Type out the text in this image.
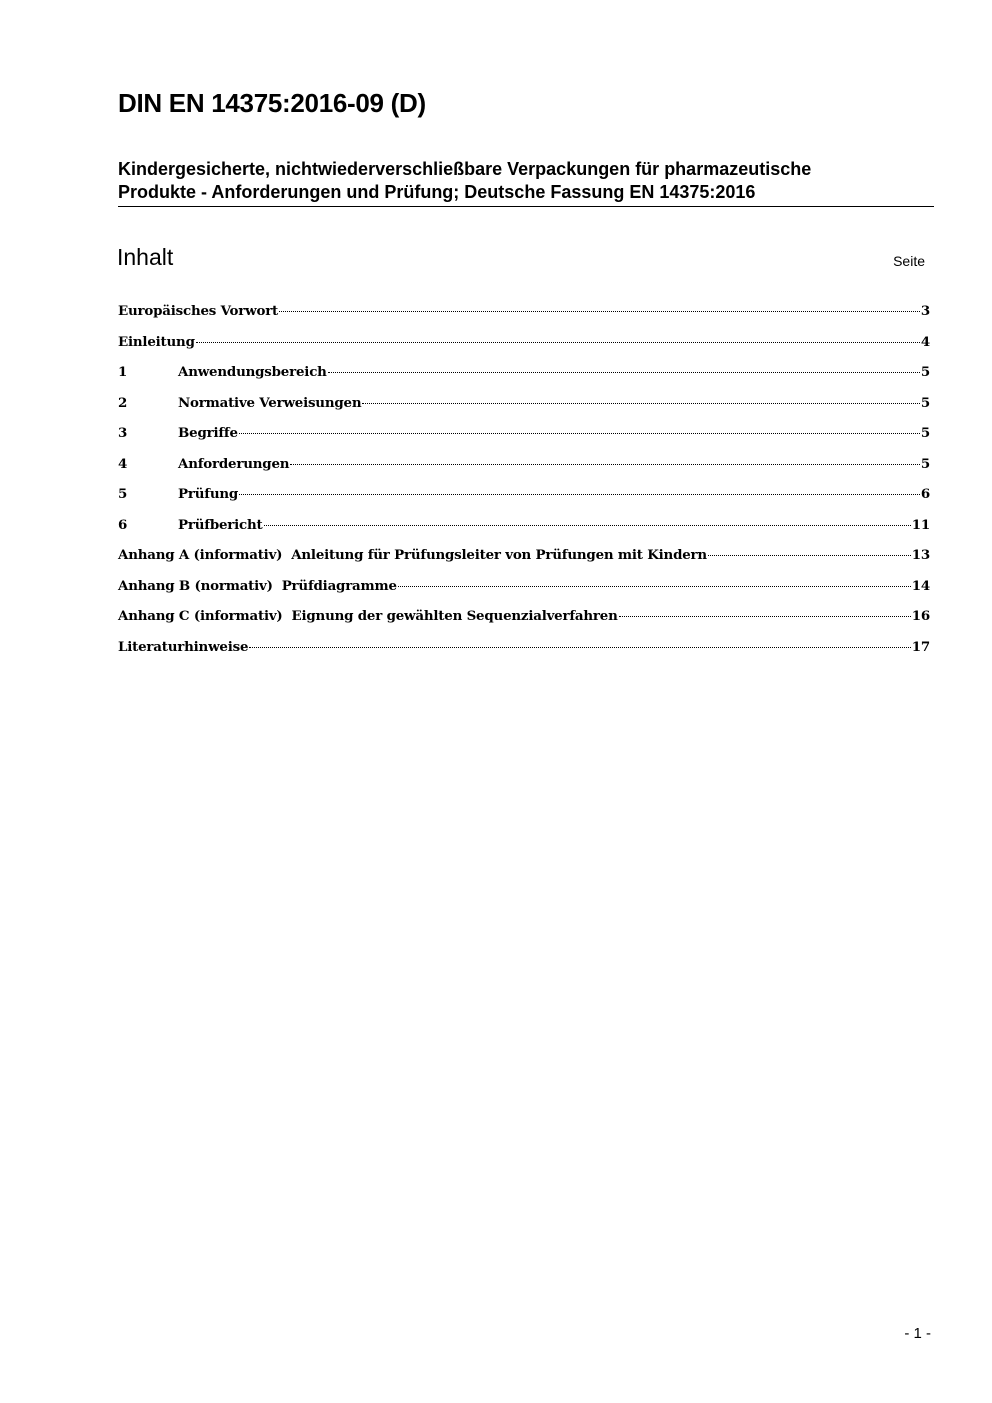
DIN EN 14375:2016-09 (D)
Kindergesicherte, nichtwiederverschließbare Verpackungen für pharmazeutische
Produkte - Anforderungen und Prüfung; Deutsche Fassung EN 14375:2016
Inhalt	Seite
Europäisches Vorwort	3
Einleitung	4
1	Anwendungsbereich	5
2	Normative Verweisungen	5
3	Begriffe	5
4	Anforderungen	5
5	Prüfung	6
6	Prüfbericht	11
Anhang A (informativ)  Anleitung für Prüfungsleiter von Prüfungen mit Kindern	13
Anhang B (normativ)  Prüfdiagramme	14
Anhang C (informativ)  Eignung der gewählten Sequenzialverfahren	16
Literaturhinweise	17
- 1 -
